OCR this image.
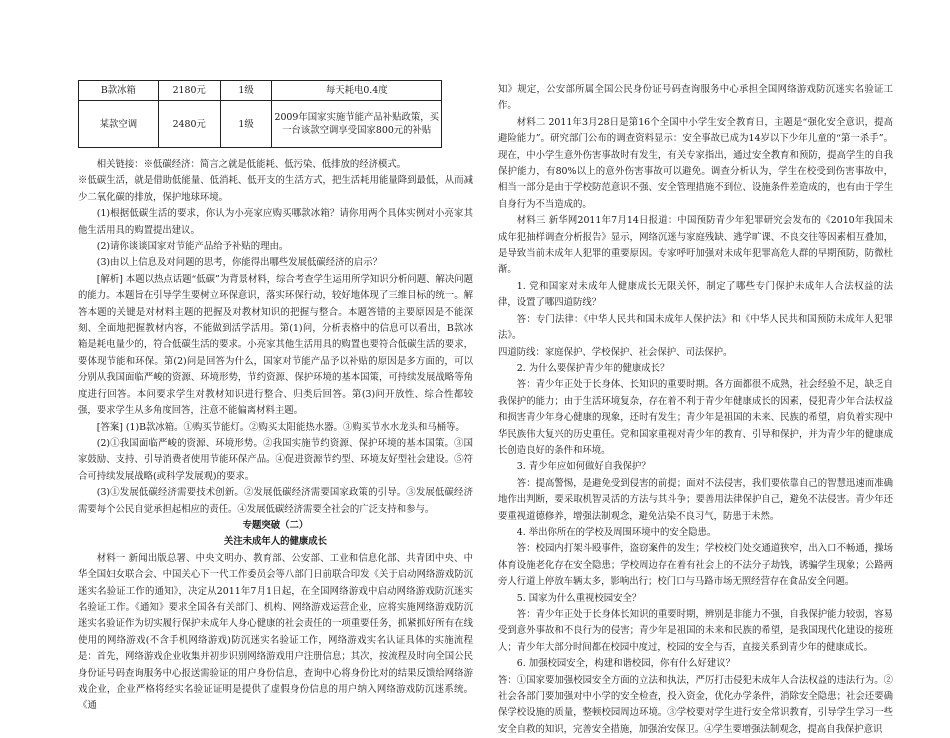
B款冰箱	2180元	1级	每天耗电0.4度
某款空调	2480元	1级	2009年国家实施节能产品补贴政策，买一台该款空调享受国家800元的补贴

相关链接：※低碳经济：简言之就是低能耗、低污染、低排放的经济模式。

※低碳生活，就是借助低能量、低消耗、低开支的生活方式，把生活耗用能量降到最低，从而减少二氧化碳的排放，保护地球环境。

(1)根据低碳生活的要求，你认为小亮家应购买哪款冰箱？请你用两个具体实例对小亮家其他生活用具的购置提出建议。

(2)请你谈谈国家对节能产品给予补贴的理由。

(3)由以上信息及对问题的思考，你能得出哪些发展低碳经济的启示？

[解析] 本题以热点话题“低碳”为背景材料，综合考查学生运用所学知识分析问题、解决问题的能力。本题旨在引导学生要树立环保意识，落实环保行动，较好地体现了三维目标的统一。解答本题的关键是对材料主题的把握及对教材知识的把握与整合。本题答错的主要原因是不能深刻、全面地把握教材内容，不能做到活学活用。第(1)问，分析表格中的信息可以看出，B款冰箱是耗电量少的，符合低碳生活的要求。小亮家其他生活用具的购置也要符合低碳生活的要求，要体现节能和环保。第(2)问是回答为什么，国家对节能产品予以补贴的原因是多方面的，可以分别从我国面临严峻的资源、环境形势，节约资源、保护环境的基本国策，可持续发展战略等角度进行回答。本问要求学生对教材知识进行整合、归类后回答。第(3)问开放性、综合性都较强，要求学生从多角度回答，注意不能偏离材料主题。

[答案] (1)B款冰箱。①购买节能灯。②购买太阳能热水器。③购买节水水龙头和马桶等。

(2)①我国面临严峻的资源、环境形势。②我国实施节约资源、保护环境的基本国策。③国家鼓励、支持、引导消费者使用节能环保产品。④促进资源节约型、环境友好型社会建设。⑤符合可持续发展战略(或科学发展观)的要求。

(3)①发展低碳经济需要技术创新。②发展低碳经济需要国家政策的引导。③发展低碳经济需要每个公民自觉承担起相应的责任。④发展低碳经济需要全社会的广泛支持和参与。

专题突破（二）

关注未成年人的健康成长

材料一 新闻出版总署、中央文明办、教育部、公安部、工业和信息化部、共青团中央、中华全国妇女联合会、中国关心下一代工作委员会等八部门日前联合印发《关于启动网络游戏防沉迷实名验证工作的通知》，决定从2011年7月1日起，在全国网络游戏中启动网络游戏防沉迷实名验证工作。《通知》要求全国各有关部门、机构、网络游戏运营企业，应将实施网络游戏防沉迷实名验证作为切实履行保护未成年人身心健康的社会责任的一项重要任务，抓紧抓好所有在线使用的网络游戏(不含手机网络游戏)防沉迷实名验证工作，网络游戏实名认证具体的实施流程是：首先，网络游戏企业收集并初步识别网络游戏用户注册信息；其次，按流程及时向全国公民身份证号码查询服务中心报送需验证的用户身份信息，查询中心将身份比对的结果反馈给网络游戏企业，企业严格将经实名验证证明是提供了虚假身份信息的用户纳入网络游戏防沉迷系统。《通

知》规定，公安部所属全国公民身份证号码查询服务中心承担全国网络游戏防沉迷实名验证工作。

材料二 2011年3月28日是第16个全国中小学生安全教育日，主题是“强化安全意识，提高避险能力”。研究部门公布的调查资料显示：安全事故已成为14岁以下少年儿童的“第一杀手”。现在，中小学生意外伤害事故时有发生，有关专家指出，通过安全教育和预防，提高学生的自我保护能力，有80%以上的意外伤害事故可以避免。调查分析认为，学生在校受到伤害事故中，相当一部分是由于学校防范意识不强、安全管理措施不到位、设施条件差造成的，也有由于学生自身行为不当造成的。

材料三 新华网2011年7月14日报道：中国预防青少年犯罪研究会发布的《2010年我国未成年犯抽样调查分析报告》显示，网络沉迷与家庭残缺、逃学旷课、不良交往等因素相互叠加，是导致当前未成年人犯罪的重要原因。专家呼吁加强对未成年犯罪高危人群的早期预防，防微杜渐。

1. 党和国家对未成年人健康成长无限关怀，制定了哪些专门保护未成年人合法权益的法律，设置了哪四道防线？

答：专门法律：《中华人民共和国未成年人保护法》和《中华人民共和国预防未成年人犯罪法》。

四道防线：家庭保护、学校保护、社会保护、司法保护。

2. 为什么要保护青少年的健康成长？

答：青少年正处于长身体、长知识的重要时期。各方面都很不成熟，社会经验不足，缺乏自我保护的能力；由于生活环境复杂，存在着不利于青少年健康成长的因素，侵犯青少年合法权益和损害青少年身心健康的现象，还时有发生；青少年是祖国的未来、民族的希望，肩负着实现中华民族伟大复兴的历史重任。党和国家重视对青少年的教育、引导和保护，并为青少年的健康成长创造良好的条件和环境。

3. 青少年应如何做好自我保护？

答：提高警惕，是避免受到侵害的前提；面对不法侵害，我们要依靠自己的智慧迅速而准确地作出判断，要采取机智灵活的方法与其斗争；要善用法律保护自己，避免不法侵害。青少年还要重视道德修养，增强法制观念，避免沾染不良习气，防患于未然。

4. 举出你所在的学校及周围环境中的安全隐患。

答：校园内打架斗殴事件，盗窃案件的发生；学校校门处交通道狭窄，出入口不畅通，操场体育设施老化存在安全隐患；学校周边存在着有社会上的不法分子劫钱，诱骗学生现象；公路两旁人行道上停放车辆太多，影响出行；校门口与马路市场无照经营存在食品安全问题。

5. 国家为什么重视校园安全？

答：青少年正处于长身体长知识的重要时期，辨别是非能力不强，自我保护能力较弱，容易受到意外事故和不良行为的侵害；青少年是祖国的未来和民族的希望，是我国现代化建设的接班人；青少年大部分时间都在校园中度过，校园的安全与否，直接关系到青少年的健康成长。

6. 加强校园安全，构建和谐校园，你有什么好建议？

答：①国家要加强校园安全方面的立法和执法，严厉打击侵犯未成年人合法权益的违法行为。②社会各部门要加强对中小学的安全检查，投入资金，优化办学条件，消除安全隐患；社会还要确保学校设施的质量，整顿校园周边环境。③学校要对学生进行安全常识教育，引导学生学习一些安全自救的知识，完善安全措施，加强治安保卫。④学生要增强法制观念，提高自我保护意识
